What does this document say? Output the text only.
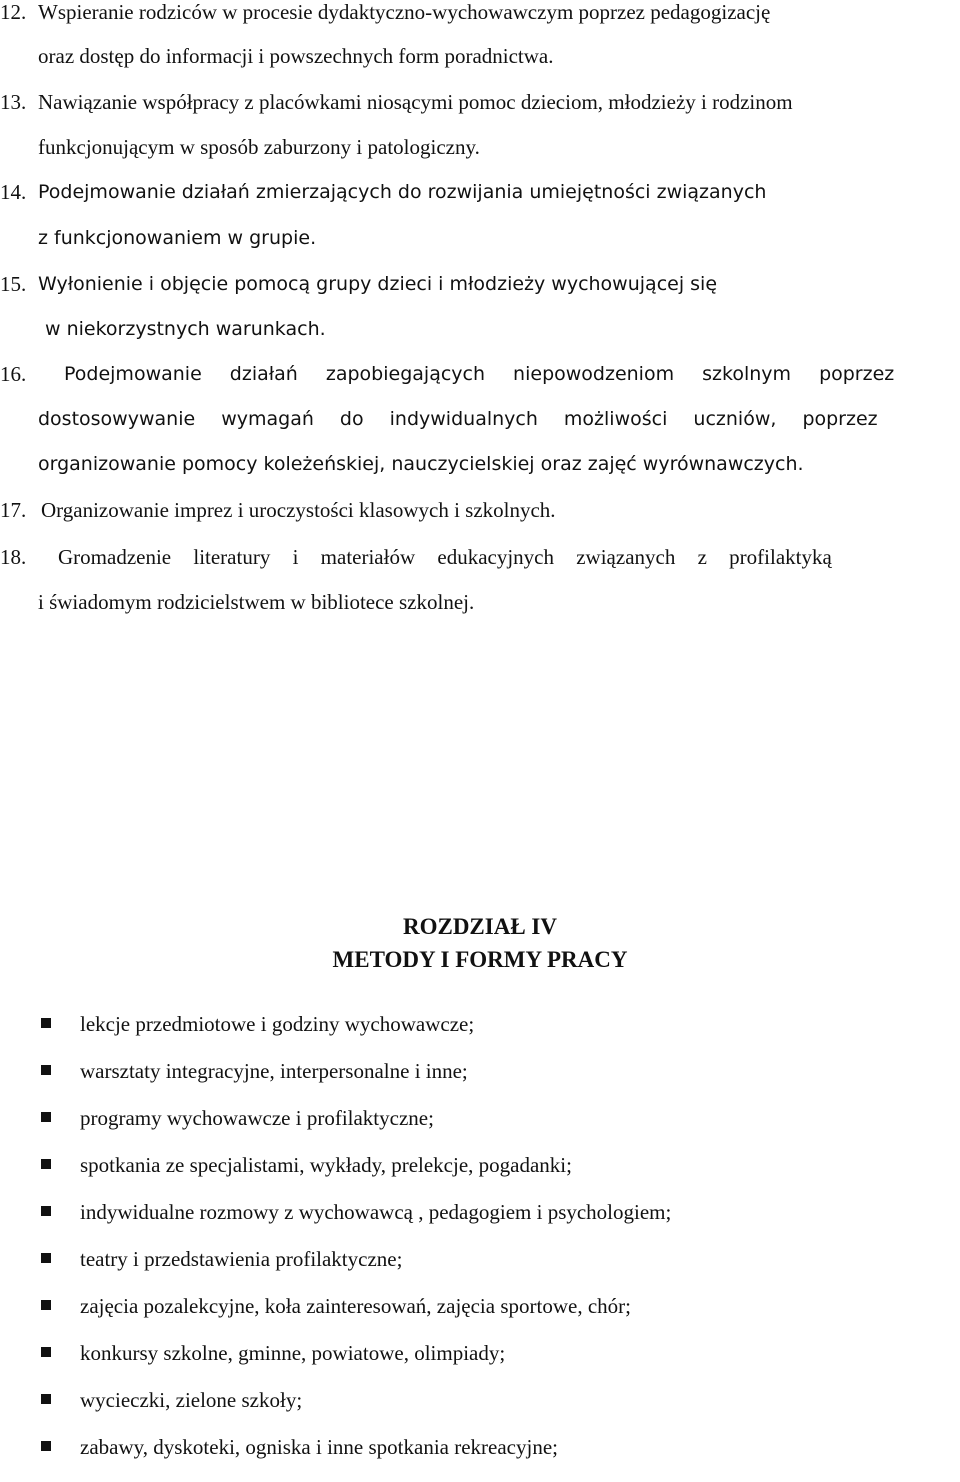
12. Wspieranie rodziców w procesie dydaktyczno-wychowawczym poprzez pedagogizację
oraz dostęp do informacji i powszechnych form poradnictwa.
13. Nawiązanie współpracy z placówkami niosącymi pomoc dzieciom, młodzieży i rodzinom
funkcjonującym w sposób zaburzony i patologiczny.
14. Podejmowanie działań zmierzających do rozwijania umiejętności związanych
z funkcjonowaniem w grupie.
15. Wyłonienie i objęcie pomocą grupy dzieci i młodzieży wychowującej się
w niekorzystnych warunkach.
16.	Podejmowanie działań zapobiegających niepowodzeniom szkolnym poprzez
dostosowywanie wymagań do indywidualnych możliwości uczniów, poprzez
organizowanie pomocy koleżeńskiej, nauczycielskiej oraz zajęć wyrównawczych.
17. Organizowanie imprez i uroczystości klasowych i szkolnych.
18.	Gromadzenie literatury i materiałów edukacyjnych związanych z profilaktyką
i świadomym rodzicielstwem w bibliotece szkolnej.
ROZDZIAŁ IV
METODY I FORMY PRACY
lekcje przedmiotowe i godziny wychowawcze;
warsztaty integracyjne, interpersonalne i inne;
programy wychowawcze i profilaktyczne;
spotkania ze specjalistami, wykłady, prelekcje, pogadanki;
indywidualne rozmowy z wychowawcą , pedagogiem i psychologiem;
teatry i przedstawienia profilaktyczne;
zajęcia pozalekcyjne, koła zainteresowań, zajęcia sportowe, chór;
konkursy szkolne, gminne, powiatowe, olimpiady;
wycieczki, zielone szkoły;
zabawy, dyskoteki, ogniska i inne spotkania rekreacyjne;
